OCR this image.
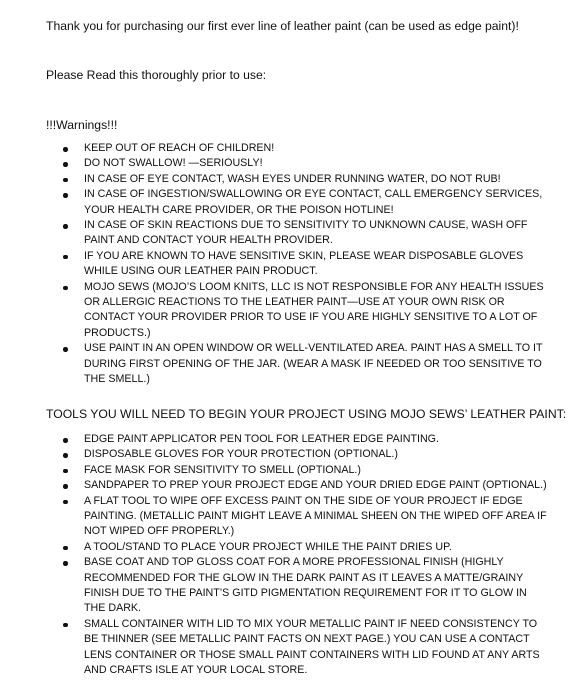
Thank you for purchasing our first ever line of leather paint (can be used as edge paint)!
Please Read this thoroughly prior to use:
!!!Warnings!!!
KEEP OUT OF REACH OF CHILDREN!
DO NOT SWALLOW! —SERIOUSLY!
IN CASE OF EYE CONTACT, WASH EYES UNDER RUNNING WATER, DO NOT RUB!
IN CASE OF INGESTION/SWALLOWING OR EYE CONTACT, CALL EMERGENCY SERVICES, YOUR HEALTH CARE PROVIDER, OR THE POISON HOTLINE!
IN CASE OF SKIN REACTIONS DUE TO SENSITIVITY TO UNKNOWN CAUSE, WASH OFF PAINT AND CONTACT YOUR HEALTH PROVIDER.
IF YOU ARE KNOWN TO HAVE SENSITIVE SKIN, PLEASE WEAR DISPOSABLE GLOVES WHILE USING OUR LEATHER PAIN PRODUCT.
MOJO SEWS (MOJO’S LOOM KNITS, LLC IS NOT RESPONSIBLE FOR ANY HEALTH ISSUES OR ALLERGIC REACTIONS TO THE LEATHER PAINT—USE AT YOUR OWN RISK OR CONTACT YOUR PROVIDER PRIOR TO USE IF YOU ARE HIGHLY SENSITIVE TO A LOT OF PRODUCTS.)
USE PAINT IN AN OPEN WINDOW OR WELL-VENTILATED AREA. PAINT HAS A SMELL TO IT DURING FIRST OPENING OF THE JAR. (WEAR A MASK IF NEEDED OR TOO SENSITIVE TO THE SMELL.)
TOOLS YOU WILL NEED TO BEGIN YOUR PROJECT USING MOJO SEWS’ LEATHER PAINT:
EDGE PAINT APPLICATOR PEN TOOL FOR LEATHER EDGE PAINTING.
DISPOSABLE GLOVES FOR YOUR PROTECTION (OPTIONAL.)
FACE MASK FOR SENSITIVITY TO SMELL (OPTIONAL.)
SANDPAPER TO PREP YOUR PROJECT EDGE AND YOUR DRIED EDGE PAINT (OPTIONAL.)
A FLAT TOOL TO WIPE OFF EXCESS PAINT ON THE SIDE OF YOUR PROJECT IF EDGE PAINTING. (METALLIC PAINT MIGHT LEAVE A MINIMAL SHEEN ON THE WIPED OFF AREA IF NOT WIPED OFF PROPERLY.)
A TOOL/STAND TO PLACE YOUR PROJECT WHILE THE PAINT DRIES UP.
BASE COAT AND TOP GLOSS COAT FOR A MORE PROFESSIONAL FINISH (HIGHLY RECOMMENDED FOR THE GLOW IN THE DARK PAINT AS IT LEAVES A MATTE/GRAINY FINISH DUE TO THE PAINT’S GITD PIGMENTATION REQUIREMENT FOR IT TO GLOW IN THE DARK.
SMALL CONTAINER WITH LID TO MIX YOUR METALLIC PAINT IF NEED CONSISTENCY TO BE THINNER (SEE METALLIC PAINT FACTS ON NEXT PAGE.) YOU CAN USE A CONTACT LENS CONTAINER OR THOSE SMALL PAINT CONTAINERS WITH LID FOUND AT ANY ARTS AND CRAFTS ISLE AT YOUR LOCAL STORE.
